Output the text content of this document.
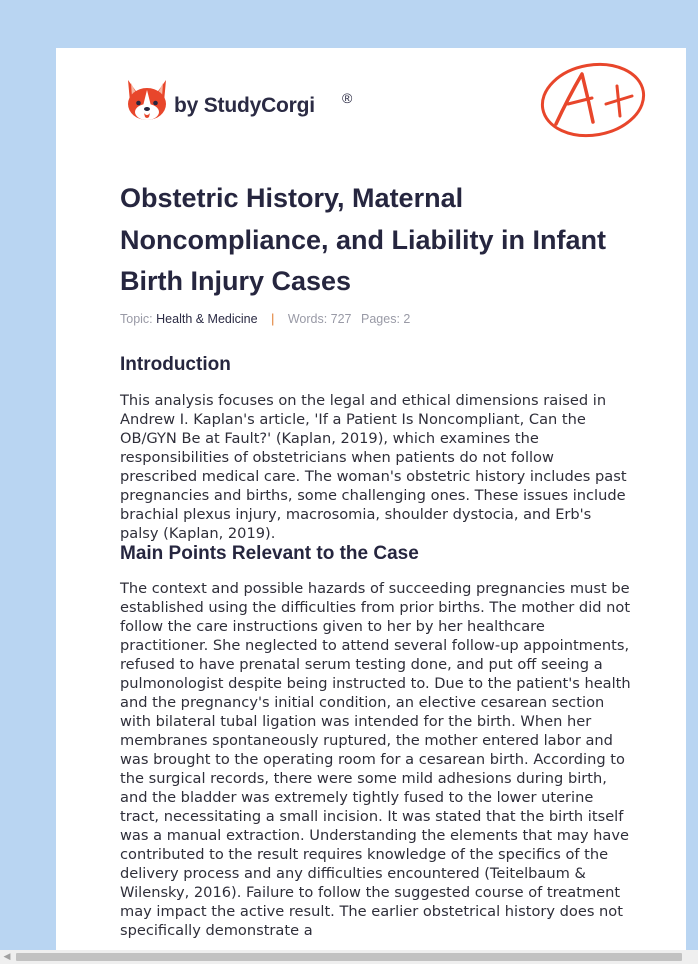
by StudyCorgi ®
Obstetric History, Maternal Noncompliance, and Liability in Infant Birth Injury Cases
Topic: Health & Medicine | Words: 727 Pages: 2
Introduction

This analysis focuses on the legal and ethical dimensions raised in Andrew I. Kaplan's article, 'If a Patient Is Noncompliant, Can the OB/GYN Be at Fault?' (Kaplan, 2019), which examines the responsibilities of obstetricians when patients do not follow prescribed medical care. The woman's obstetric history includes past pregnancies and births, some challenging ones. These issues include brachial plexus injury, macrosomia, shoulder dystocia, and Erb's palsy (Kaplan, 2019).

Main Points Relevant to the Case

The context and possible hazards of succeeding pregnancies must be established using the difficulties from prior births. The mother did not follow the care instructions given to her by her healthcare practitioner. She neglected to attend several follow-up appointments, refused to have prenatal serum testing done, and put off seeing a pulmonologist despite being instructed to. Due to the patient's health and the pregnancy's initial condition, an elective cesarean section with bilateral tubal ligation was intended for the birth. When her membranes spontaneously ruptured, the mother entered labor and was brought to the operating room for a cesarean birth. According to the surgical records, there were some mild adhesions during birth, and the bladder was extremely tightly fused to the lower uterine tract, necessitating a small incision. It was stated that the birth itself was a manual extraction. Understanding the elements that may have contributed to the result requires knowledge of the specifics of the delivery process and any difficulties encountered (Teitelbaum & Wilensky, 2016). Failure to follow the suggested course of treatment may impact the active result. The earlier obstetrical history does not specifically demonstrate a

◀
